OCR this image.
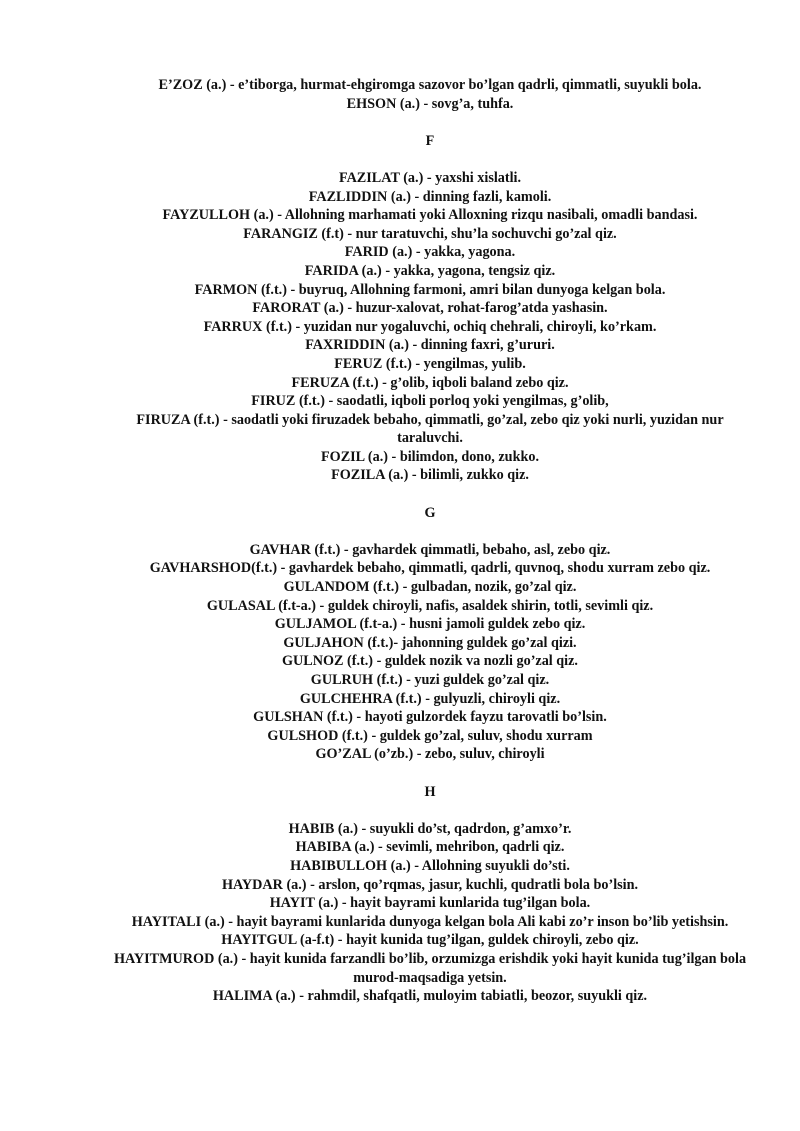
E’ZOZ (a.) - e’tiborga, hurmat-ehgiromga sazovor bo’lgan qadrli, qimmatli, suyukli bola.

EHSON (a.) - sovg’a, tuhfa.

F

FAZILAT (a.) - yaxshi xislatli.

FAZLIDDIN (a.) - dinning fazli, kamoli.

FAYZULLOH (a.) - Allohning marhamati yoki Alloxning rizqu nasibali, omadli bandasi.

FARANGIZ (f.t) - nur taratuvchi, shu’la sochuvchi go’zal qiz.

FARID (a.) - yakka, yagona.

FARIDA (a.) - yakka, yagona, tengsiz qiz.

FARMON (f.t.) - buyruq, Allohning farmoni, amri bilan dunyoga kelgan bola.

FARORAT (a.) - huzur-xalovat, rohat-farog’atda yashasin.

FARRUX (f.t.) - yuzidan nur yogaluvchi, ochiq chehrali, chiroyli, ko’rkam.

FAXRIDDIN (a.) - dinning faxri, g’ururi.

FERUZ (f.t.) - yengilmas, yulib.

FERUZA (f.t.) - g’olib, iqboli baland zebo qiz.

FIRUZ (f.t.) - saodatli, iqboli porloq yoki yengilmas, g’olib,

FIRUZA (f.t.) - saodatli yoki firuzadek bebaho, qimmatli, go’zal, zebo qiz yoki nurli, yuzidan nur taraluvchi.

FOZIL (a.) - bilimdon, dono, zukko.

FOZILA (a.) - bilimli, zukko qiz.

G

GAVHAR (f.t.) - gavhardek qimmatli, bebaho, asl, zebo qiz.

GAVHARSHOD(f.t.) - gavhardek bebaho, qimmatli, qadrli, quvnoq, shodu xurram zebo qiz.

GULANDOM (f.t.) - gulbadan, nozik, go’zal qiz.

GULASAL (f.t-a.) - guldek chiroyli, nafis, asaldek shirin, totli, sevimli qiz.

GULJAMOL (f.t-a.) - husni jamoli guldek zebo qiz.

GULJAHON (f.t.)- jahonning guldek go’zal qizi.

GULNOZ (f.t.) - guldek nozik va nozli go’zal qiz.

GULRUH (f.t.) - yuzi guldek go’zal qiz.

GULCHEHRA (f.t.) - gulyuzli, chiroyli qiz.

GULSHAN (f.t.) - hayoti gulzordek fayzu tarovatli bo’lsin.

GULSHOD (f.t.) - guldek go’zal, suluv, shodu xurram

GO’ZAL (o’zb.) - zebo, suluv, chiroyli

H

HABIB (a.) - suyukli do’st, qadrdon, g’amxo’r.

HABIBA (a.) - sevimli, mehribon, qadrli qiz.

HABIBULLOH (a.) - Allohning suyukli do’sti.

HAYDAR (a.) - arslon, qo’rqmas, jasur, kuchli, qudratli bola bo’lsin.

HAYIT (a.) - hayit bayrami kunlarida tug’ilgan bola.

HAYITALI (a.) - hayit bayrami kunlarida dunyoga kelgan bola Ali kabi zo’r inson bo’lib yetishsin.

HAYITGUL (a-f.t) - hayit kunida tug’ilgan, guldek chiroyli, zebo qiz.

HAYITMUROD (a.) - hayit kunida farzandli bo’lib, orzumizga erishdik yoki hayit kunida tug’ilgan bola murod-maqsadiga yetsin.

HALIMA (a.) - rahmdil, shafqatli, muloyim tabiatli, beozor, suyukli qiz.
